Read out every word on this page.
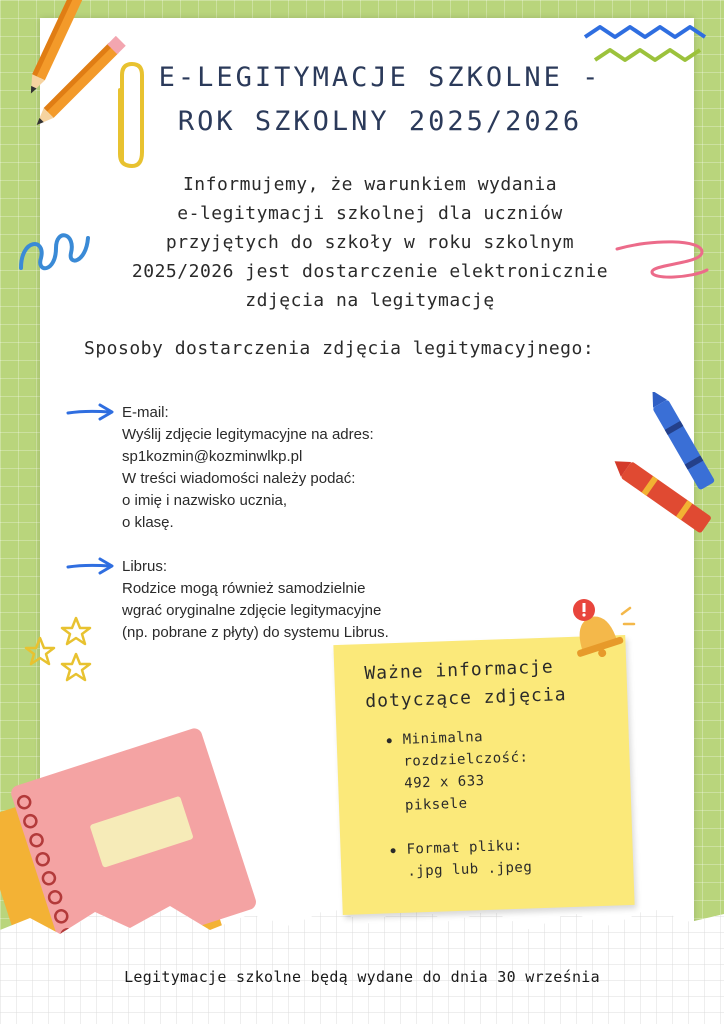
E-LEGITYMACJE SZKOLNE -
ROK SZKOLNY 2025/2026

Informujemy, że warunkiem wydania
e-legitymacji szkolnej dla uczniów
przyjętych do szkoły w roku szkolnym
2025/2026 jest dostarczenie elektronicznie
zdjęcia na legitymację

Sposoby dostarczenia zdjęcia legitymacyjnego:
E-mail:
Wyślij zdjęcie legitymacyjne na adres:
sp1kozmin@kozminwlkp.pl
W treści wiadomości należy podać:
o imię i nazwisko ucznia,
o klasę.
Librus:
Rodzice mogą również samodzielnie
wgrać oryginalne zdjęcie legitymacyjne
(np. pobrane z płyty) do systemu Librus.
Ważne informacje
dotyczące zdjęcia
Minimalna
rozdzielczość:
492 x 633
piksele
Format pliku:
.jpg lub .jpeg

Legitymacje szkolne będą wydane do dnia 30 września
